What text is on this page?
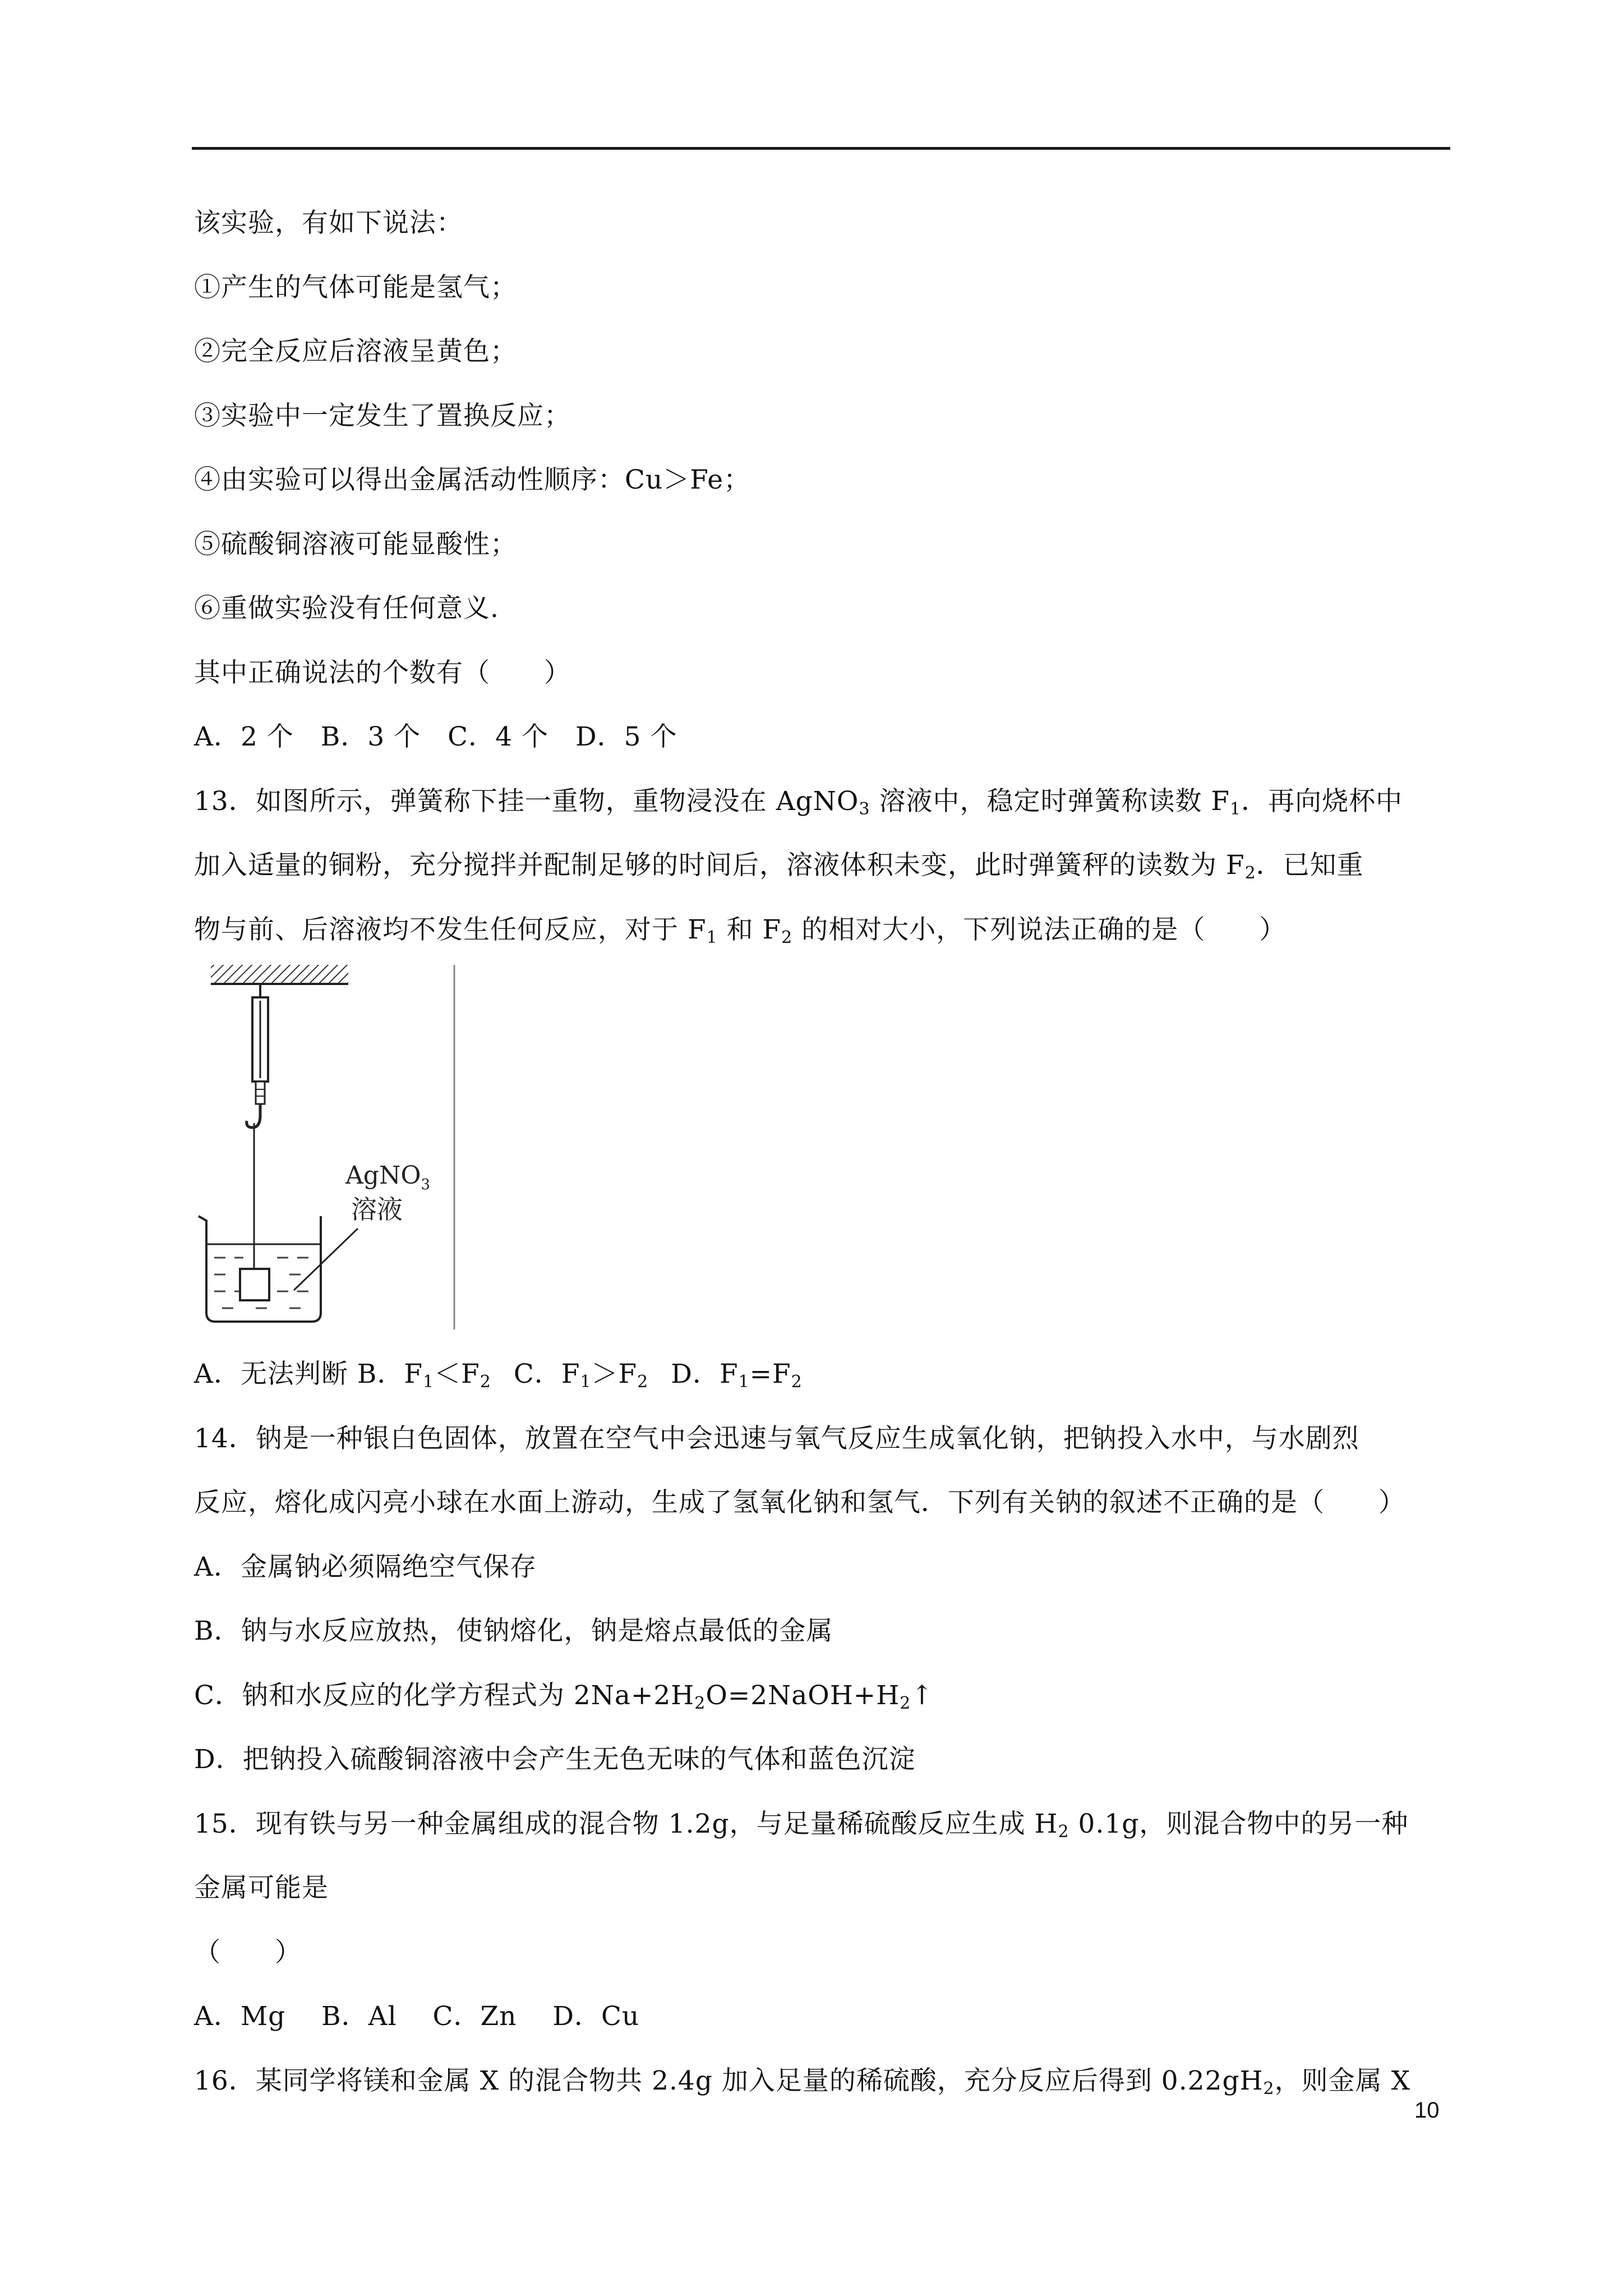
该实验，有如下说法：
①产生的气体可能是氢气；
②完全反应后溶液呈黄色；
③实验中一定发生了置换反应；
④由实验可以得出金属活动性顺序：Cu＞Fe；
⑤硫酸铜溶液可能显酸性；
⑥重做实验没有任何意义.
其中正确说法的个数有（　　）
A．2 个　B．3 个　C．4 个　D．5 个
13．如图所示，弹簧称下挂一重物，重物浸没在 AgNO$_3$ 溶液中，稳定时弹簧称读数 $F_1$．再向烧杯中
加入适量的铜粉，充分搅拌并配制足够的时间后，溶液体积未变，此时弹簧秤的读数为 $F_2$．已知重
物与前、后溶液均不发生任何反应，对于 $F_1$ 和 $F_2$ 的相对大小，下列说法正确的是（　　）
AgNO$_3$
溶液
A．无法判断 B．$F_1<F_2$ C．$F_1>F_2$ D．$F_1=F_2$
14．钠是一种银白色固体，放置在空气中会迅速与氧气反应生成氧化钠，把钠投入水中，与水剧烈
反应，熔化成闪亮小球在水面上游动，生成了氢氧化钠和氢气．下列有关钠的叙述不正确的是（　　）
A．金属钠必须隔绝空气保存
B．钠与水反应放热，使钠熔化，钠是熔点最低的金属
C．钠和水反应的化学方程式为 $2Na+2H_2O=2NaOH+H_2↑$
D．把钠投入硫酸铜溶液中会产生无色无味的气体和蓝色沉淀
15．现有铁与另一种金属组成的混合物 1.2g，与足量稀硫酸反应生成 $H_2$ 0.1g，则混合物中的另一种
金属可能是
（　　）
A．Mg　 B．Al　 C．Zn　 D．Cu
16．某同学将镁和金属 X 的混合物共 2.4g 加入足量的稀硫酸，充分反应后得到 $0.22gH_2$，则金属 X
10
